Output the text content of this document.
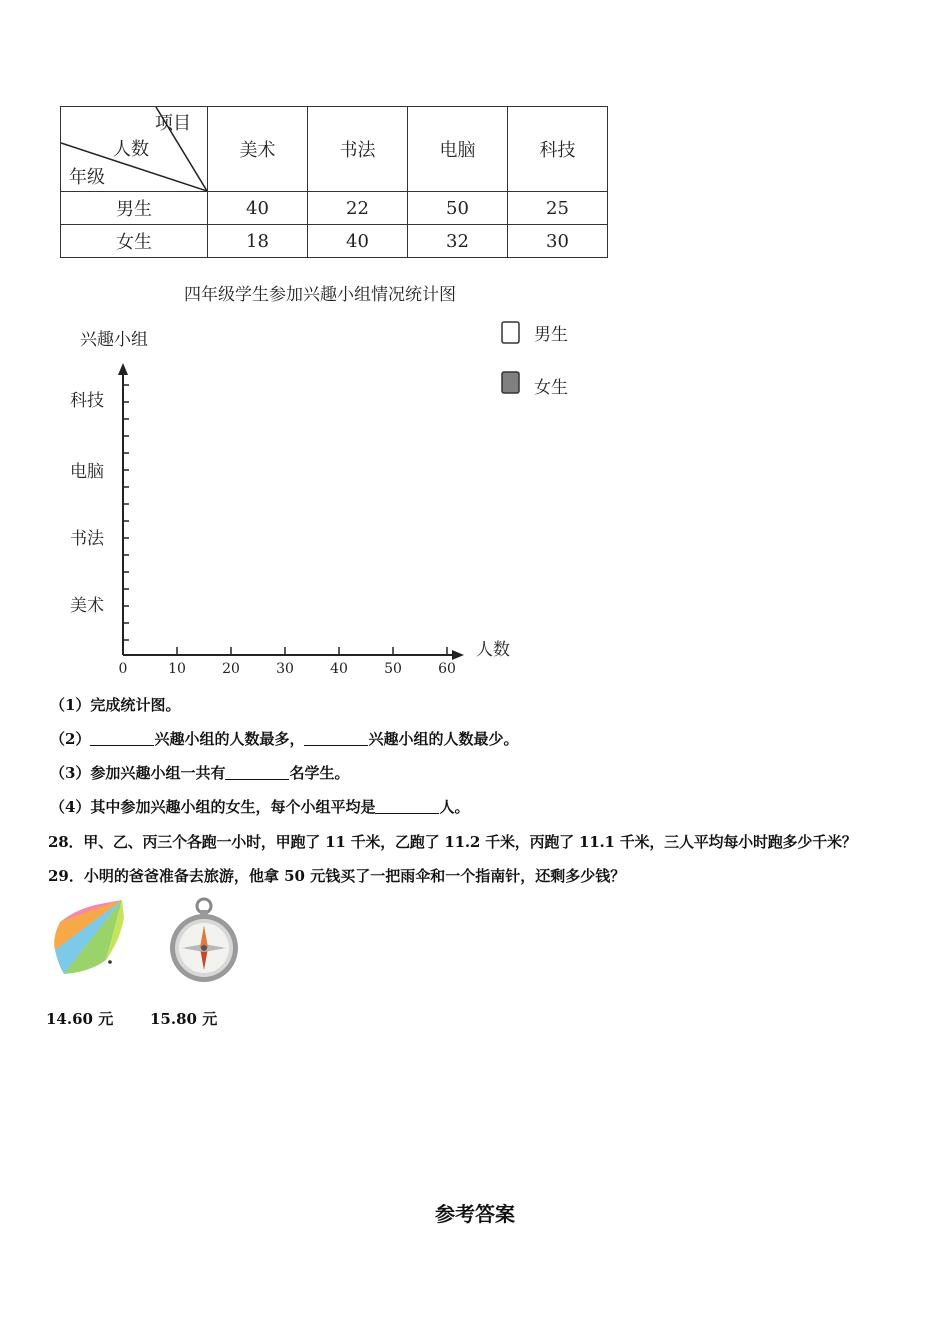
项目
人数
年级	美术	书法	电脑	科技
男生	40	22	50	25
女生	18	40	32	30
四年级学生参加兴趣小组情况统计图
兴趣小组
人数
0	10	20	30	40	50	60
美术
书法
电脑
科技
男生
女生
（1）完成统计图。
（2）	兴趣小组的人数最多，	兴趣小组的人数最少。
（3）参加兴趣小组一共有	名学生。
（4）其中参加兴趣小组的女生，每个小组平均是	人。
28．甲、乙、丙三个各跑一小时，甲跑了 11 千米，乙跑了 11.2 千米，丙跑了 11.1 千米，三人平均每小时跑多少千米？
29．小明的爸爸准备去旅游，他拿 50 元钱买了一把雨伞和一个指南针，还剩多少钱？
14.60 元 15.80 元
参考答案
